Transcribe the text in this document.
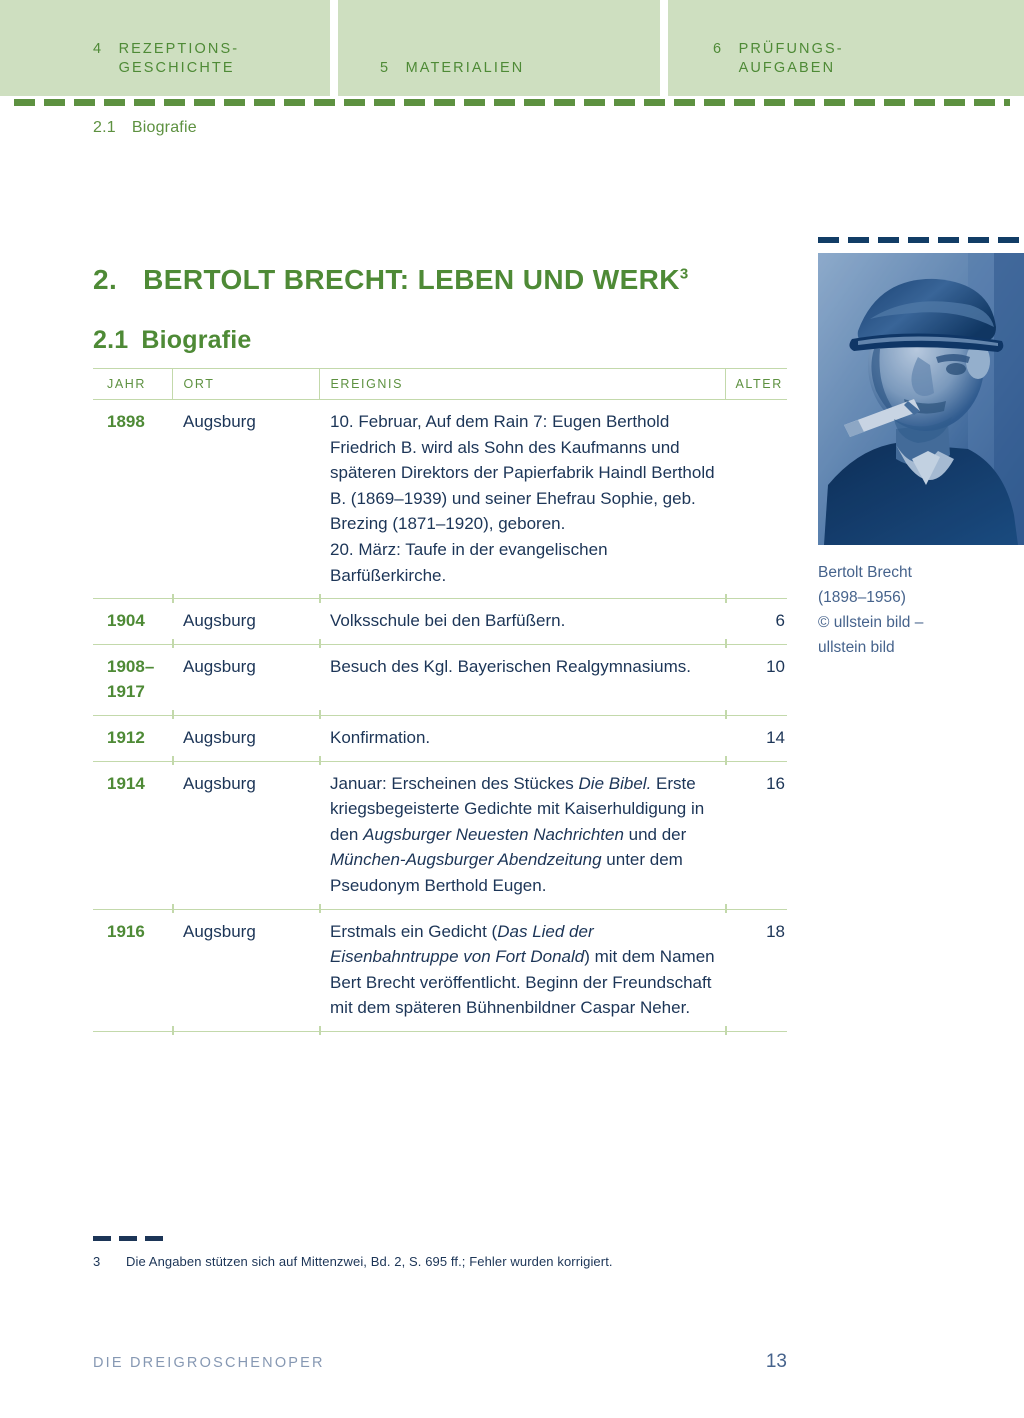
4 REZEPTIONS-
GESCHICHTE	5 MATERIALIEN
6 PRÜFUNGS-
AUFGABEN
2.1 Biografie
2. BERTOLT BRECHT: LEBEN UND WERK$^3$
2.1 Biografie
JAHR	ORT	EREIGNIS	ALTER
1898	Augsburg	10. Februar, Auf dem Rain 7: Eugen Berthold Friedrich B. wird als Sohn des Kaufmanns und späteren Direktors der Papierfabrik Haindl Berthold B. (1869–1939) und seiner Ehefrau Sophie, geb. Brezing (1871–1920), geboren.
20. März: Taufe in der evangelischen Barfüßerkirche.	
1904	Augsburg	Volksschule bei den Barfüßern.	6
1908–
1917	Augsburg	Besuch des Kgl. Bayerischen Realgymnasiums.	10
1912	Augsburg	Konfirmation.	14
1914	Augsburg	Januar: Erscheinen des Stückes Die Bibel. Erste kriegsbegeisterte Gedichte mit Kaiserhuldigung in den Augsburger Neuesten Nachrichten und der München-Augsburger Abendzeitung unter dem Pseudonym Berthold Eugen.	16
1916	Augsburg	Erstmals ein Gedicht (Das Lied der Eisenbahntruppe von Fort Donald) mit dem Namen Bert Brecht veröffentlicht. Beginn der Freundschaft mit dem späteren Bühnenbildner Caspar Neher.	18
Bertolt Brecht
(1898–1956)
© ullstein bild –
ullstein bild
3 Die Angaben stützen sich auf Mittenzwei, Bd. 2, S. 695 ff.; Fehler wurden korrigiert.
DIE DREIGROSCHENOPER	13
